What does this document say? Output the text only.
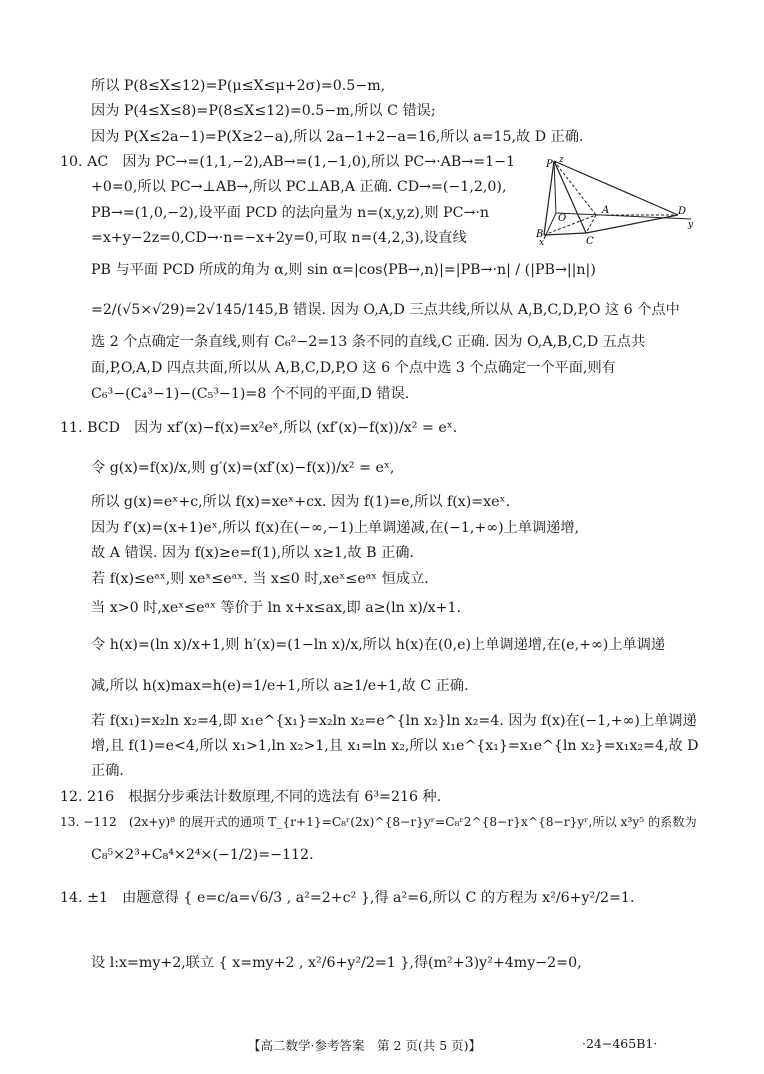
所以 P(8≤X≤12)=P(μ≤X≤μ+2σ)=0.5−m,
因为 P(4≤X≤8)=P(8≤X≤12)=0.5−m,所以 C 错误;
因为 P(X≤2a−1)=P(X≥2−a),所以 2a−1+2−a=16,所以 a=15,故 D 正确.
10. AC　因为 PC→=(1,1,−2),AB→=(1,−1,0),所以 PC→·AB→=1−1
+0=0,所以 PC→⊥AB→,所以 PC⊥AB,A 正确. CD→=(−1,2,0),
PB→=(1,0,−2),设平面 PCD 的法向量为 n=(x,y,z),则 PC→·n
=x+y−2z=0,CD→·n=−x+2y=0,可取 n=(4,2,3),设直线
PB 与平面 PCD 所成的角为 α,则 sin α=|cos⟨PB→,n⟩|=|PB→·n| / (|PB→||n|)
=2/(√5×√29)=2√145/145,B 错误. 因为 O,A,D 三点共线,所以从 A,B,C,D,P,O 这 6 个点中
选 2 个点确定一条直线,则有 C₆²−2=13 条不同的直线,C 正确. 因为 O,A,B,C,D 五点共
面,P,O,A,D 四点共面,所以从 A,B,C,D,P,O 这 6 个点中选 3 个点确定一个平面,则有
C₆³−(C₄³−1)−(C₅³−1)=8 个不同的平面,D 错误.
11. BCD　因为 xf′(x)−f(x)=x²eˣ,所以 (xf′(x)−f(x))/x² = eˣ.
令 g(x)=f(x)/x,则 g′(x)=(xf′(x)−f(x))/x² = eˣ,
所以 g(x)=eˣ+c,所以 f(x)=xeˣ+cx. 因为 f(1)=e,所以 f(x)=xeˣ.
因为 f′(x)=(x+1)eˣ,所以 f(x)在(−∞,−1)上单调递减,在(−1,+∞)上单调递增,
故 A 错误. 因为 f(x)≥e=f(1),所以 x≥1,故 B 正确.
若 f(x)≤eᵃˣ,则 xeˣ≤eᵃˣ. 当 x≤0 时,xeˣ≤eᵃˣ 恒成立.
当 x>0 时,xeˣ≤eᵃˣ 等价于 ln x+x≤ax,即 a≥(ln x)/x+1.
令 h(x)=(ln x)/x+1,则 h′(x)=(1−ln x)/x,所以 h(x)在(0,e)上单调递增,在(e,+∞)上单调递
减,所以 h(x)max=h(e)=1/e+1,所以 a≥1/e+1,故 C 正确.
若 f(x₁)=x₂ln x₂=4,即 x₁e^{x₁}=x₂ln x₂=e^{ln x₂}ln x₂=4. 因为 f(x)在(−1,+∞)上单调递
增,且 f(1)=e<4,所以 x₁>1,ln x₂>1,且 x₁=ln x₂,所以 x₁e^{x₁}=x₁e^{ln x₂}=x₁x₂=4,故 D
正确.
12. 216　根据分步乘法计数原理,不同的选法有 6³=216 种.
13. −112　(2x+y)⁸ 的展开式的通项 T_{r+1}=C₈ʳ(2x)^{8−r}yʳ=C₈ʳ2^{8−r}x^{8−r}yʳ,所以 x³y⁵ 的系数为
C₈⁵×2³+C₈⁴×2⁴×(−1/2)=−112.
14. ±1　由题意得 { e=c/a=√6/3 , a²=2+c² },得 a²=6,所以 C 的方程为 x²/6+y²/2=1.
设 l:x=my+2,联立 { x=my+2 , x²/6+y²/2=1 },得(m²+3)y²+4my−2=0,
P z
O
A	D
y
B
C
x
【高二数学·参考答案　第 2 页(共 5 页)】	·24−465B1·
